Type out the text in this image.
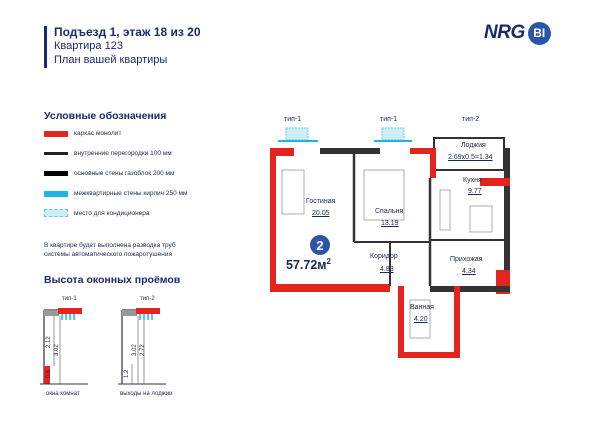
Подъезд 1, этаж 18 из 20
Квартира 123
План вашей квартиры
NRG BI
Условные обозначения
каркас монолит
внутренние перегородки 100 мм
основные стены газоблок 200 мм
межквартирные стены кирпич 250 мм
место для кондиционера
В квартире будет выполнена разводка труб
системы автоматического пожаротушения
Высота оконных проёмов
тип-1	тип-2
2.12
3.02
0.6	1.2
3.02 2.72
окна комнат	выходы на лоджии
тип-1	тип-1	тип-2
Гостиная
20.05	Спальня
13.19
Лоджия
2.69х0.5=1.34
Кухня
9.77
Коридор
4.83
Прихожая
4.34
Ванная
4.20
2
$57.72м^2$
